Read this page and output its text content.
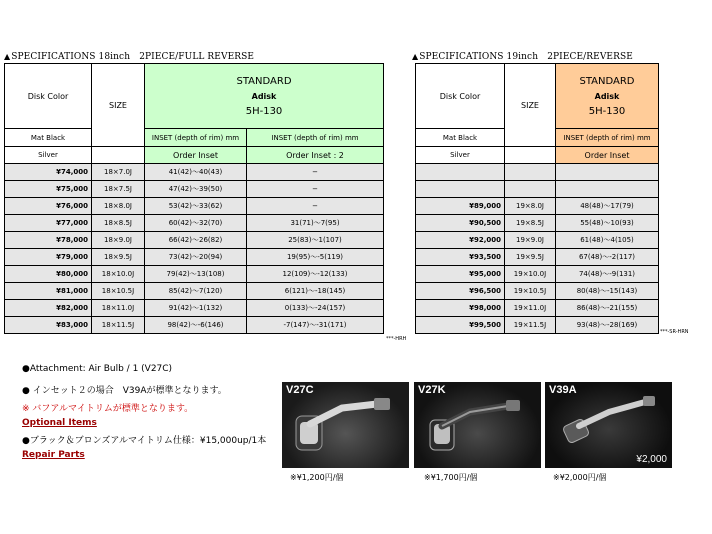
▲SPECIFICATIONS 18inch　2PIECE/FULL REVERSE
Disk Color	SIZE	STANDARD
Adisk
5H-130	

Mat Black		INSET (depth of rim) mm	INSET (depth of rim) mm
Silver		Order Inset	Order Inset : 2
¥74,000	18×7.0J	41(42)〜40(43)	−
¥75,000	18×7.5J	47(42)〜39(50)	−
¥76,000	18×8.0J	53(42)〜33(62)	−
¥77,000	18×8.5J	60(42)〜32(70)	31(71)〜7(95)
¥78,000	18×9.0J	66(42)〜26(82)	25(83)〜1(107)
¥79,000	18×9.5J	73(42)〜20(94)	19(95)〜-5(119)
¥80,000	18×10.0J	79(42)〜13(108)	12(109)〜-12(133)
¥81,000	18×10.5J	85(42)〜7(120)	6(121)〜-18(145)
¥82,000	18×11.0J	91(42)〜1(132)	0(133)〜-24(157)
¥83,000	18×11.5J	98(42)〜-6(146)	-7(147)〜-31(171)
***-HRH
▲SPECIFICATIONS 19inch　2PIECE/REVERSE
Disk Color	SIZE	STANDARD
Adisk
5H-130

Mat Black		INSET (depth of rim) mm
Silver		Order Inset

¥89,000	19×8.0J	48(48)〜17(79)
¥90,500	19×8.5J	55(48)〜10(93)
¥92,000	19×9.0J	61(48)〜4(105)
¥93,500	19×9.5J	67(48)〜-2(117)
¥95,000	19×10.0J	74(48)〜-9(131)
¥96,500	19×10.5J	80(48)〜-15(143)
¥98,000	19×11.0J	86(48)〜-21(155)
¥99,500	19×11.5J	93(48)〜-28(169)
***-SR-HRN
●Attachment: Air Bulb / 1 (V27C)
● インセット２の場合　V39Aが標準となります。
※ バフアルマイトリムが標準となります。
Optional Items
●ブラック＆ブロンズアルマイトリム仕様：¥15,000up/1本
Repair Parts
V27C
※¥1,200円/個
V27K
※¥1,700円/個
V39A
¥2,000
※¥2,000円/個
